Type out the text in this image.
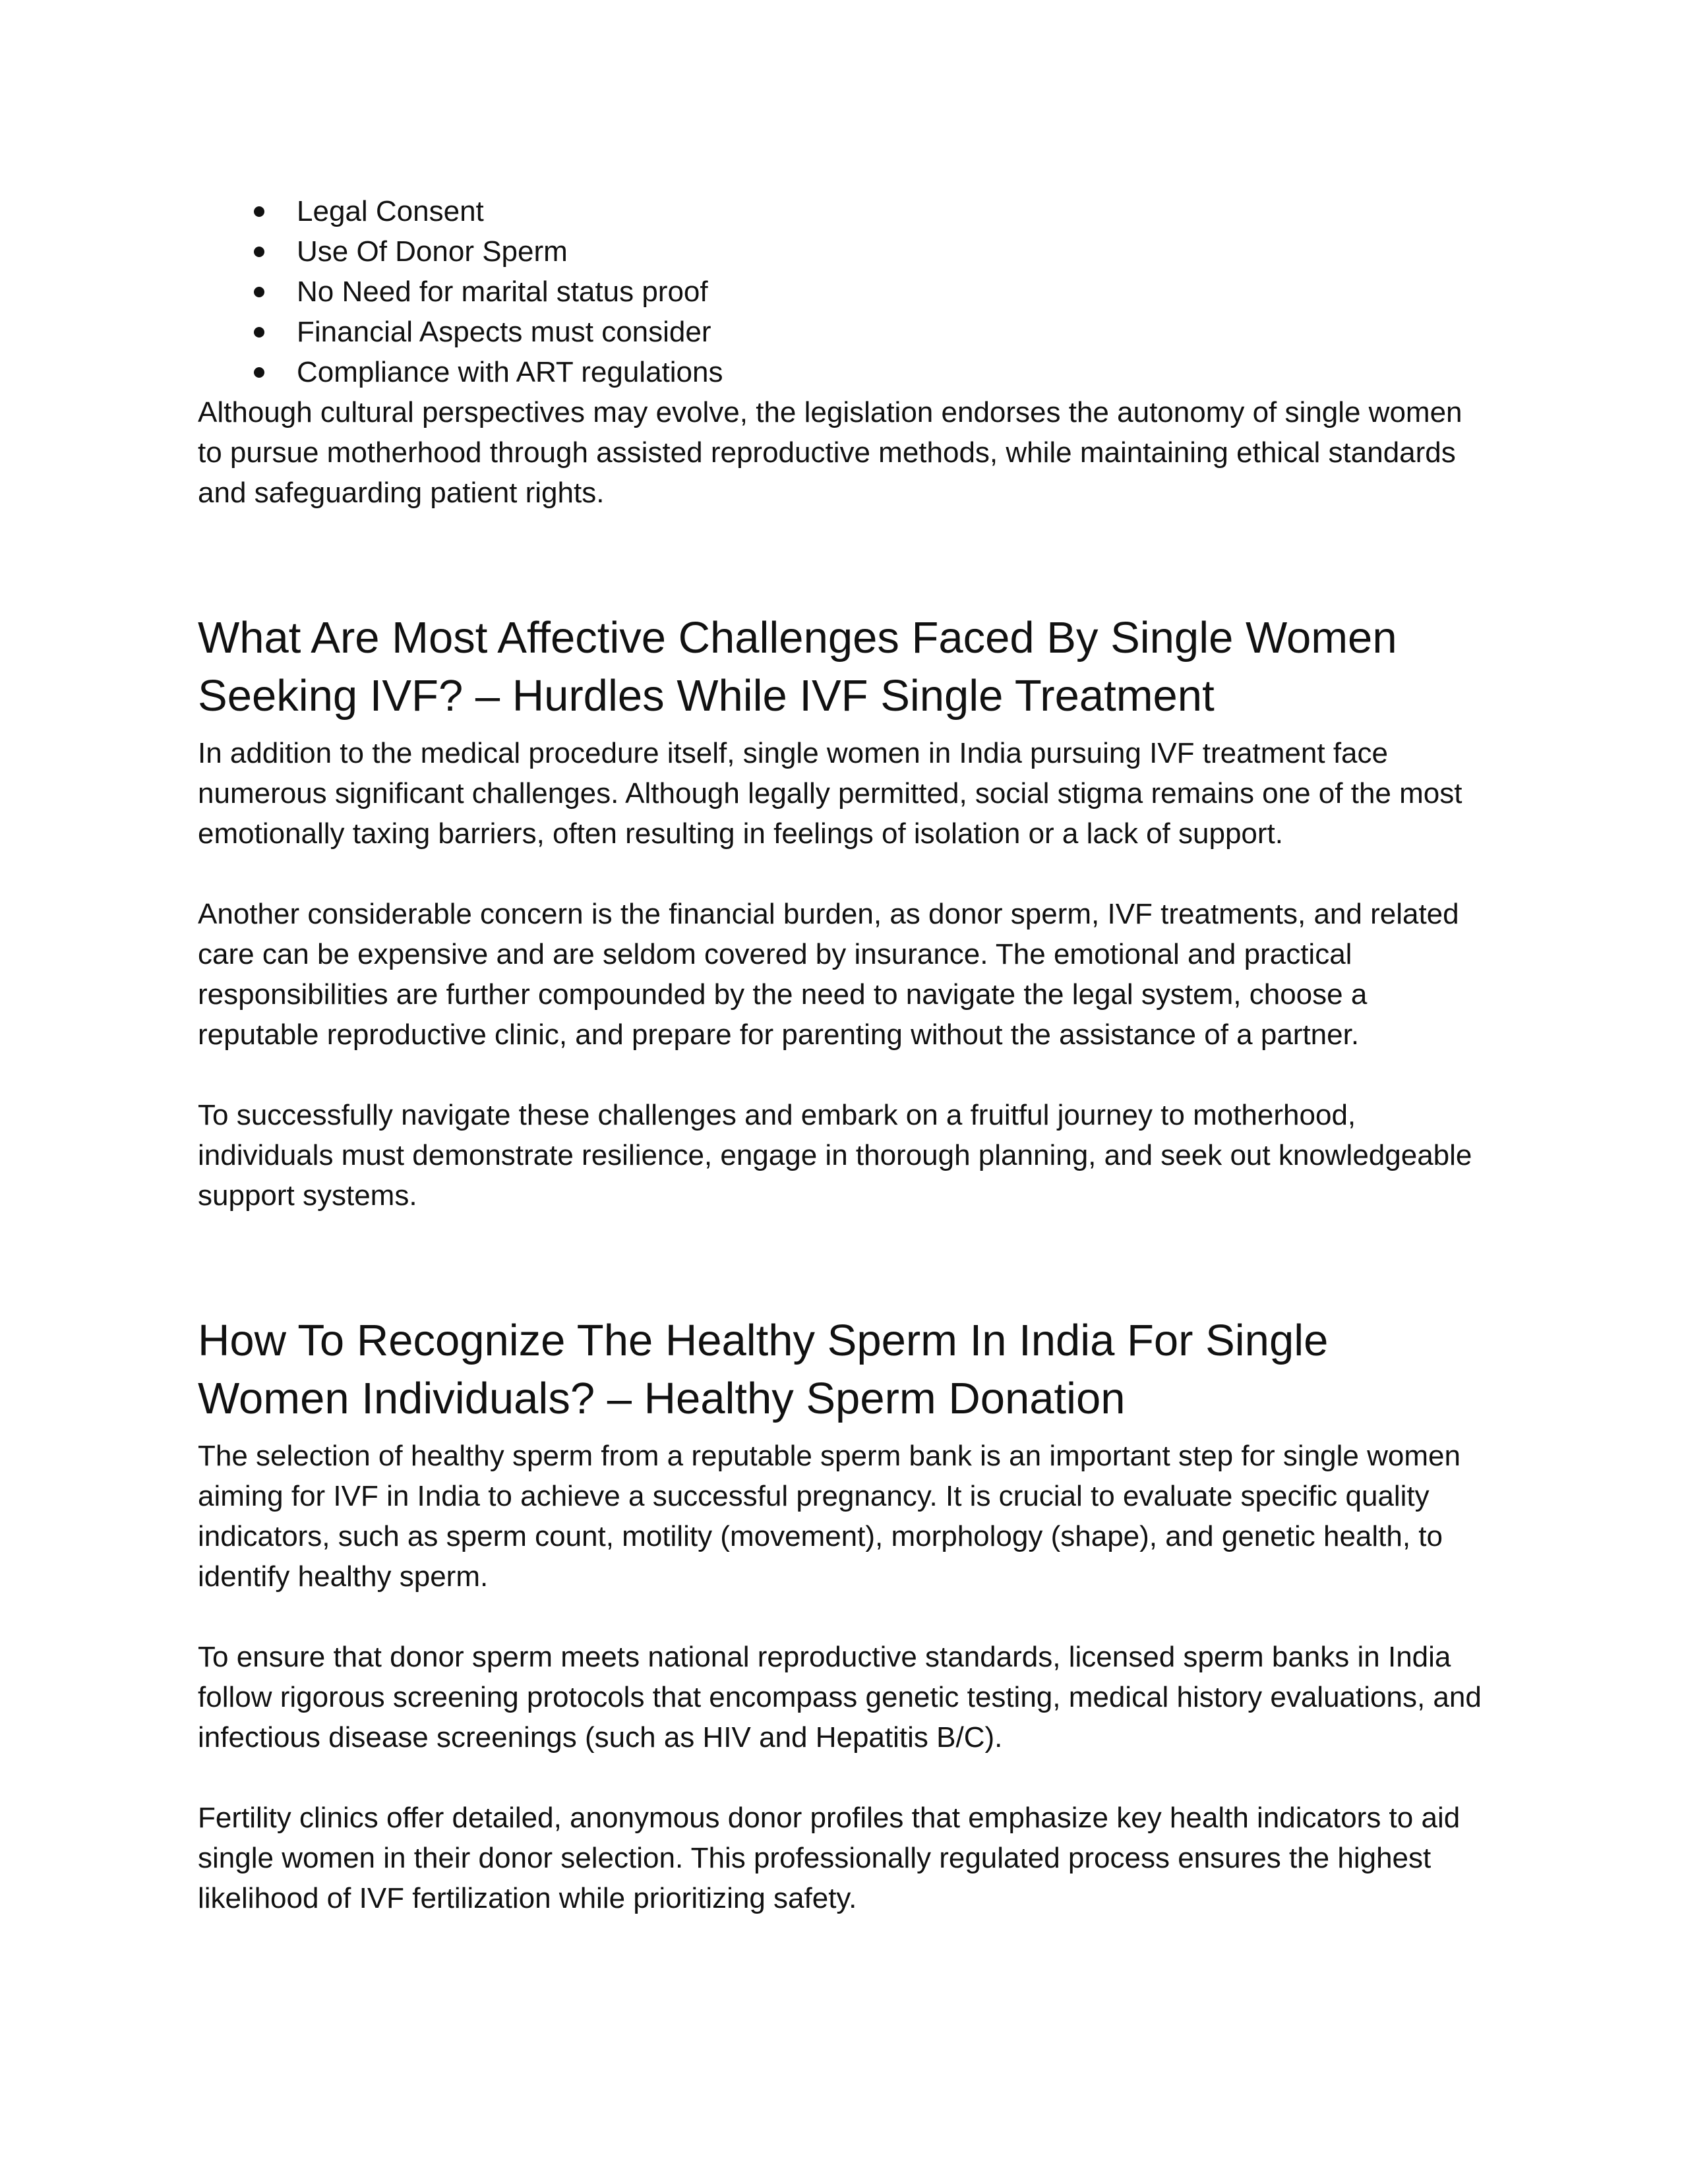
Legal Consent
Use Of Donor Sperm
No Need for marital status proof
Financial Aspects must consider
Compliance with ART regulations

Although cultural perspectives may evolve, the legislation endorses the autonomy of single women to pursue motherhood through assisted reproductive methods, while maintaining ethical standards and safeguarding patient rights.

What Are Most Affective Challenges Faced By Single Women Seeking IVF? – Hurdles While IVF Single Treatment

In addition to the medical procedure itself, single women in India pursuing IVF treatment face numerous significant challenges. Although legally permitted, social stigma remains one of the most emotionally taxing barriers, often resulting in feelings of isolation or a lack of support.

Another considerable concern is the financial burden, as donor sperm, IVF treatments, and related care can be expensive and are seldom covered by insurance. The emotional and practical responsibilities are further compounded by the need to navigate the legal system, choose a reputable reproductive clinic, and prepare for parenting without the assistance of a partner.

To successfully navigate these challenges and embark on a fruitful journey to motherhood, individuals must demonstrate resilience, engage in thorough planning, and seek out knowledgeable support systems.

How To Recognize The Healthy Sperm In India For Single Women Individuals? – Healthy Sperm Donation

The selection of healthy sperm from a reputable sperm bank is an important step for single women aiming for IVF in India to achieve a successful pregnancy. It is crucial to evaluate specific quality indicators, such as sperm count, motility (movement), morphology (shape), and genetic health, to identify healthy sperm.

To ensure that donor sperm meets national reproductive standards, licensed sperm banks in India follow rigorous screening protocols that encompass genetic testing, medical history evaluations, and infectious disease screenings (such as HIV and Hepatitis B/C).

Fertility clinics offer detailed, anonymous donor profiles that emphasize key health indicators to aid single women in their donor selection. This professionally regulated process ensures the highest likelihood of IVF fertilization while prioritizing safety.
